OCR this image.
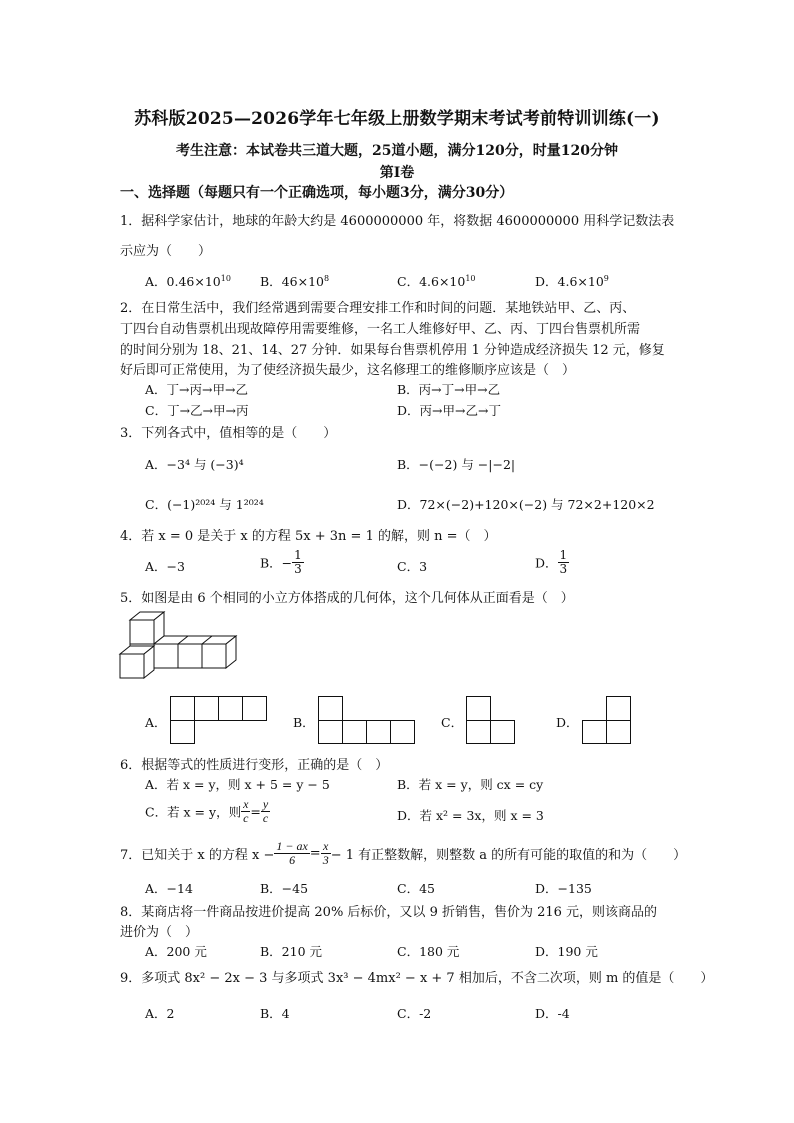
苏科版2025—2026学年七年级上册数学期末考试考前特训训练(一)
考生注意：本试卷共三道大题，25道小题，满分120分，时量120分钟
第Ⅰ卷
一、选择题（每题只有一个正确选项，每小题3分，满分30分）
1．据科学家估计，地球的年龄大约是 4600000000 年，将数据 4600000000 用科学记数法表
示应为（　　）
A．$0.46\times 10^{10}$ B．$46\times 10^8$	C．$4.6\times 10^{10}$	D．$4.6\times 10^9$
2．在日常生活中，我们经常遇到需要合理安排工作和时间的问题．某地铁站甲、乙、丙、
丁四台自动售票机出现故障停用需要维修，一名工人维修好甲、乙、丙、丁四台售票机所需
的时间分别为 18、21、14、27 分钟．如果每台售票机停用 1 分钟造成经济损失 12 元，修复
好后即可正常使用，为了使经济损失最少，这名修理工的维修顺序应该是（　）
A．丁→丙→甲→乙	B．丙→丁→甲→乙
C．丁→乙→甲→丙	D．丙→甲→乙→丁
3．下列各式中，值相等的是（　　）
A．−3⁴ 与 (−3)⁴	B．−(−2) 与 −|−2|
C．(−1)²⁰²⁴ 与 1²⁰²⁴	D．72×(−2)+120×(−2) 与 72×2+120×2
4．若 x = 0 是关于 x 的方程 5x + 3n = 1 的解，则 n =（　）
A．−3	B．− $\frac{1}{3}$	C．3	D． $\frac{1}{3}$
5．如图是由 6 个相同的小立方体搭成的几何体，这个几何体从正面看是（　）
A．	B．	C．	D．
6．根据等式的性质进行变形，正确的是（　）
A．若 x = y，则 x + 5 = y − 5	B．若 x = y，则 cx = cy
C．若 x = y，则 $\frac{x}{c} = \frac{y}{c}$	D．若 x² = 3x，则 x = 3
7．已知关于 x 的方程 $x - \frac{1 - ax}{6} = \frac{x}{3} - 1$ 有正整数解，则整数 a 的所有可能的取值的和为（　　）
A．−14	B．−45	C．45	D．−135
8．某商店将一件商品按进价提高 20% 后标价，又以 9 折销售，售价为 216 元，则该商品的
进价为（　）
A．200 元	B．210 元	C．180 元	D．190 元
9．多项式 8x² − 2x − 3 与多项式 3x³ − 4mx² − x + 7 相加后，不含二次项，则 m 的值是（　　）
A．2	B．4	C．-2	D．-4
